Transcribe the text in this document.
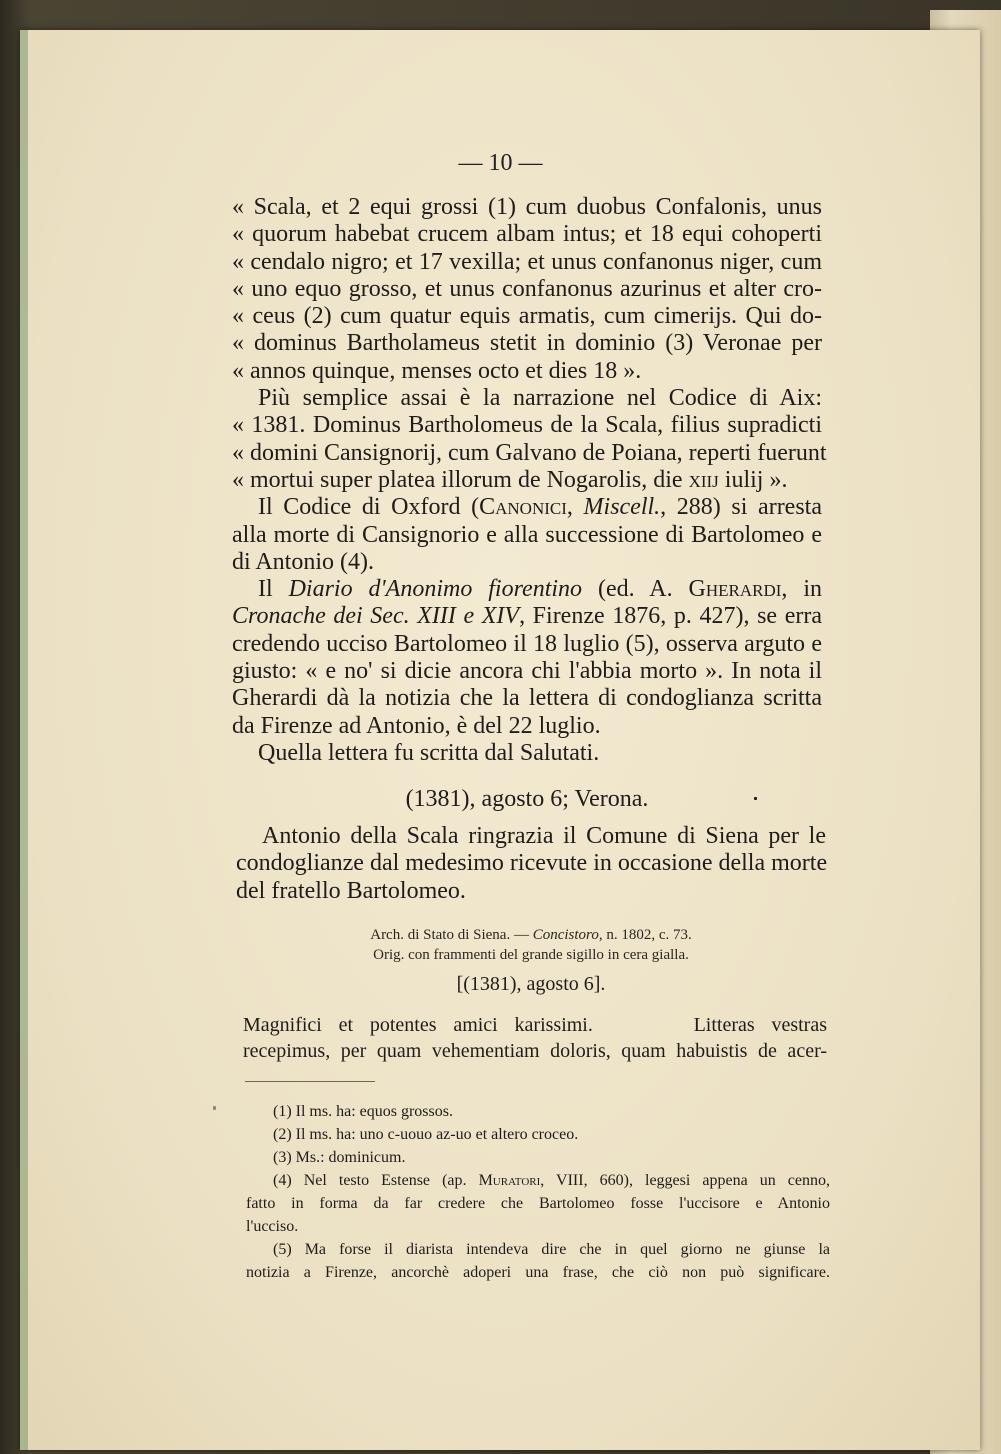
— 10 —
« Scala, et 2 equi grossi (1) cum duobus Confalonis, unus
« quorum habebat crucem albam intus; et 18 equi cohoperti
« cendalo nigro; et 17 vexilla; et unus confanonus niger, cum
« uno equo grosso, et unus confanonus azurinus et alter cro-
« ceus (2) cum quatur equis armatis, cum cimerijs. Qui do-
« dominus Bartholameus stetit in dominio (3) Veronae per
« annos quinque, menses octo et dies 18 ».
Più semplice assai è la narrazione nel Codice di Aix:
« 1381. Dominus Bartholomeus de la Scala, filius supradicti
« domini Cansignorij, cum Galvano de Poiana, reperti fuerunt
« mortui super platea illorum de Nogarolis, die xiij iulij ».
Il Codice di Oxford (Canonici, Miscell., 288) si arresta
alla morte di Cansignorio e alla successione di Bartolomeo e
di Antonio (4).
Il Diario d'Anonimo fiorentino (ed. A. Gherardi, in
Cronache dei Sec. XIII e XIV, Firenze 1876, p. 427), se erra
credendo ucciso Bartolomeo il 18 luglio (5), osserva arguto e
giusto: « e no' si dicie ancora chi l'abbia morto ». In nota il
Gherardi dà la notizia che la lettera di condoglianza scritta
da Firenze ad Antonio, è del 22 luglio.
Quella lettera fu scritta dal Salutati.
(1381), agosto 6; Verona.
Antonio della Scala ringrazia il Comune di Siena per le
condoglianze dal medesimo ricevute in occasione della morte
del fratello Bartolomeo.
Arch. di Stato di Siena. — Concistoro, n. 1802, c. 73.
Orig. con frammenti del grande sigillo in cera gialla.
[(1381), agosto 6].
Magnifici et potentes amici karissimi.      Litteras vestras
recepimus, per quam vehementiam doloris, quam habuistis de acer-
(1) Il ms. ha: equos grossos.
(2) Il ms. ha: uno c-uouo az-uo et altero croceo.
(3) Ms.: dominicum.
(4) Nel testo Estense (ap. Muratori, VIII, 660), leggesi appena un cenno,
fatto in forma da far credere che Bartolomeo fosse l'uccisore e Antonio
l'ucciso.
(5) Ma forse il diarista intendeva dire che in quel giorno ne giunse la
notizia a Firenze, ancorchè adoperi una frase, che ciò non può significare.
